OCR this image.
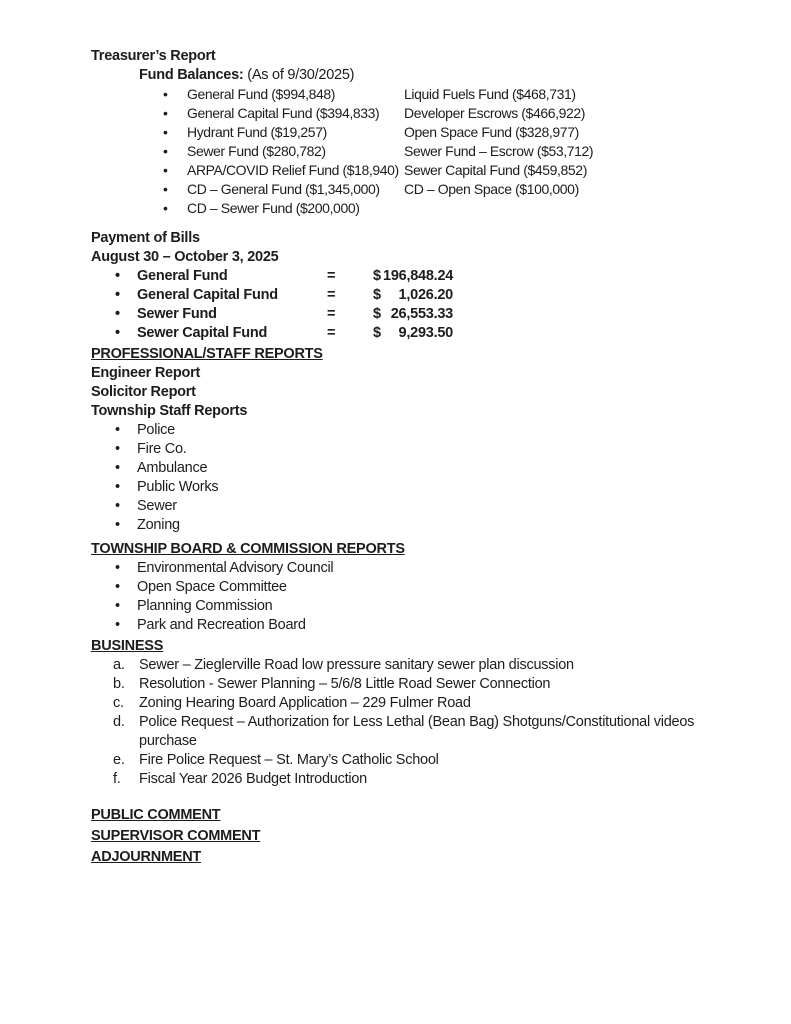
Treasurer’s Report
Fund Balances: (As of 9/30/2025)
• General Fund ($994,848)	Liquid Fuels Fund ($468,731)
• General Capital Fund ($394,833) Developer Escrows ($466,922)
• Hydrant Fund ($19,257)	Open Space Fund ($328,977)
• Sewer Fund ($280,782)	Sewer Fund – Escrow ($53,712)
• ARPA/COVID Relief Fund ($18,940) Sewer Capital Fund ($459,852)
• CD – General Fund ($1,345,000) CD – Open Space ($100,000)
• CD – Sewer Fund ($200,000)
Payment of Bills
August 30 – October 3, 2025
•	General Fund	=	$ 196,848.24
•	General Capital Fund	=	$	1,026.20
•	Sewer Fund	=	$ 26,553.33
•	Sewer Capital Fund	=	$	9,293.50
PROFESSIONAL/STAFF REPORTS
Engineer Report
Solicitor Report
Township Staff Reports
•	Police
•	Fire Co.
•	Ambulance
•	Public Works
•	Sewer
•	Zoning
TOWNSHIP BOARD & COMMISSION REPORTS
•	Environmental Advisory Council
•	Open Space Committee
•	Planning Commission
•	Park and Recreation Board
BUSINESS
a. Sewer – Zieglerville Road low pressure sanitary sewer plan discussion
b. Resolution - Sewer Planning – 5/6/8 Little Road Sewer Connection
c.	Zoning Hearing Board Application – 229 Fulmer Road
d. Police Request – Authorization for Less Lethal (Bean Bag) Shotguns/Constitutional videos purchase
e. Fire Police Request – St. Mary’s Catholic School
f.	Fiscal Year 2026 Budget Introduction
PUBLIC COMMENT
SUPERVISOR COMMENT
ADJOURNMENT
